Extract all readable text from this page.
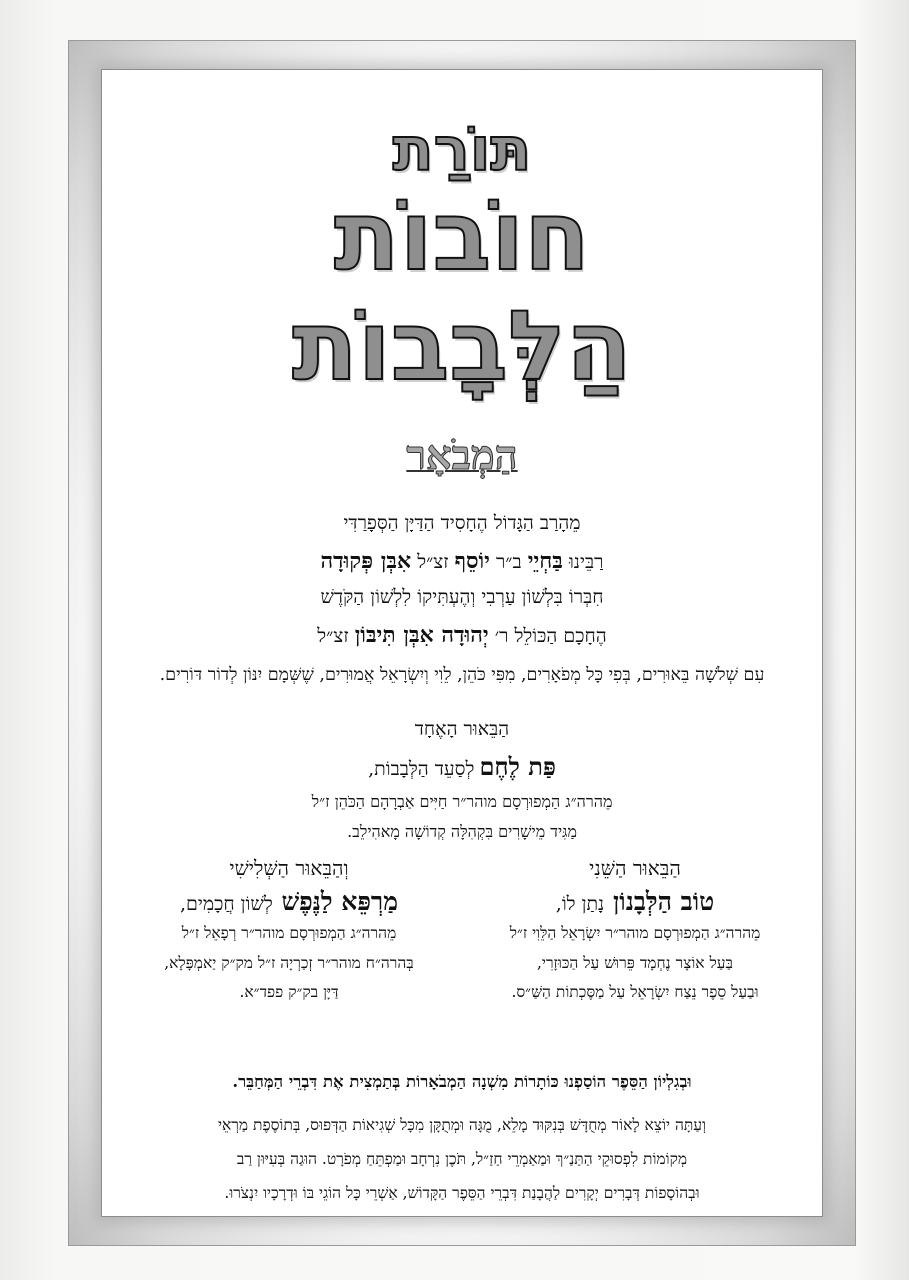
תּוֹרַת
חוֹבוֹת
הַלְּבָבוֹת
הַמְבֹאָר
מֵהָרַב הַגָּדוֹל הֶחָסִיד הַדַּיָּן הַסְּפָרַדִּי
רַבֵּינוּ בַּחְיֵי ב״ר יוֹסֵף זצ״ל אִבְּן פְּקוּדָה
חִבְּרוֹ בִּלְשׁוֹן עַרְבִי וְהֶעְתִּיקוֹ לִלְשׁוֹן הַקֹּדֶשׁ
הֶחָכָם הַכּוֹלֵל ר׳ יְהוּדָה אִבְּן תִּיבּוֹן זצ״ל
עִם שְׁלֹשָׁה בֵּאוּרִים, בְּפִי כָּל מְפֹאָרִים, מִפִּי כֹּהֵן, לֵוִי וְיִשְׂרָאֵל אֲמוּרִים, שֶׁשְּׁמָם יִנּוֹן לְדוֹר דּוֹרִים.
הַבֵּאוּר הָאֶחָד
פַּת לֶחֶם לְסַעֵד הַלְּבָבוֹת,
מֵהרה״ג הַמְפוּרְסָם מוהר״ר חַיִּים אַבְרָהָם הַכֹּהֵן ז״ל
מַגִּיד מֵישָׁרִים בִּקְהִלָּה קְדוֹשָׁה מָאהִילֵב.
הַבֵּאוּר הַשֵּׁנִי
טוֹב הַלְּבָנוֹן נָתַן לוֹ,
מֵהרה״ג הַמְפוּרְסָם מוהר״ר יִשְׂרָאֵל הַלֵּוִי ז״ל
בַּעַל אוֹצָר נֶחְמָד פֵּרוּשׁ עַל הַכּוּזָרִי,
וּבַעַל סֵפֶר נֵצַח יִשְׂרָאֵל עַל מַסֶּכְתוֹת הַשַּׁ״ס.
וְהַבֵּאוּר הַשְּׁלִישִׁי
מַרְפֵּא לַנֶּפֶשׁ לְשׁוֹן חֲכָמִים,
מֵהרה״ג הַמְפוּרְסָם מוהר״ר רְפָאֵל ז״ל
בְּהרה״ח מוהר״ר זְכַרְיָה ז״ל מק״ק יַאמְפָּלָא,
דַּיָּן בק״ק פפד״א.
וּבְגִלְיוֹן הַסֵּפֶר הוֹסַפְנוּ כּוֹתָרוֹת מִשְׁנָה הַמְבֹאָרוֹת בְּתַמְצִית אֶת דִּבְרֵי הַמְּחַבֵּר.
וְעַתָּה יוֹצֵא לָאוֹר מְחֻדָּשׁ בְּנִקּוּד מָלֵא, מֻגָּה וּמְתֻקָּן מִכָּל שְׁגִיאוֹת הַדְּפוּס, בְּתוֹסֶפֶת מַרְאֵי
מְקוֹמוֹת לִפְסוּקֵי הַתַּנַ״ךְ וּמַאַמְרֵי חַזַ״ל, תֹּכֶן נִרְחָב וּמַפְתֵּחַ מְפֹרָט. הוּגַה בְּעִיּוּן רַב
וּבְהוֹסָפוֹת דְּבָרִים יְקָרִים לַהֲבָנַת דִּבְרֵי הַסֵּפֶר הַקָּדוֹשׁ, אַשְׁרֵי כָּל הוֹגֵי בּוֹ וּדְרָכָיו יִנְצֹרוּ.
